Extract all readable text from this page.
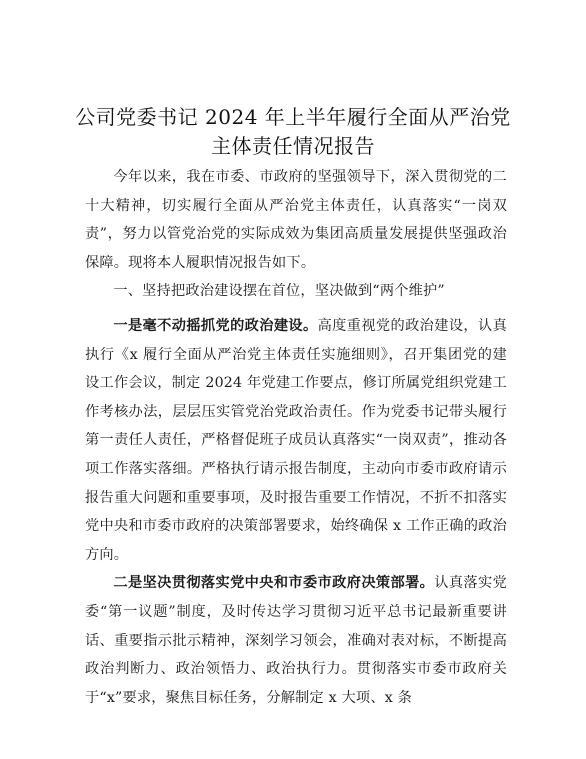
公司党委书记 2024 年上半年履行全面从严治党
主体责任情况报告

今年以来，我在市委、市政府的坚强领导下，深入贯彻党的二十大精神，切实履行全面从严治党主体责任，认真落实“一岗双责”，努力以管党治党的实际成效为集团高质量发展提供坚强政治保障。现将本人履职情况报告如下。

一、坚持把政治建设摆在首位，坚决做到“两个维护”

一是毫不动摇抓党的政治建设。高度重视党的政治建设，认真执行《x 履行全面从严治党主体责任实施细则》，召开集团党的建设工作会议，制定 2024 年党建工作要点，修订所属党组织党建工作考核办法，层层压实管党治党政治责任。作为党委书记带头履行第一责任人责任，严格督促班子成员认真落实“一岗双责”，推动各项工作落实落细。严格执行请示报告制度，主动向市委市政府请示报告重大问题和重要事项，及时报告重要工作情况，不折不扣落实党中央和市委市政府的决策部署要求，始终确保 x 工作正确的政治方向。

二是坚决贯彻落实党中央和市委市政府决策部署。认真落实党委“第一议题”制度，及时传达学习贯彻习近平总书记最新重要讲话、重要指示批示精神，深刻学习领会，准确对表对标，不断提高政治判断力、政治领悟力、政治执行力。贯彻落实市委市政府关于“x”要求，聚焦目标任务，分解制定 x 大项、x 条
